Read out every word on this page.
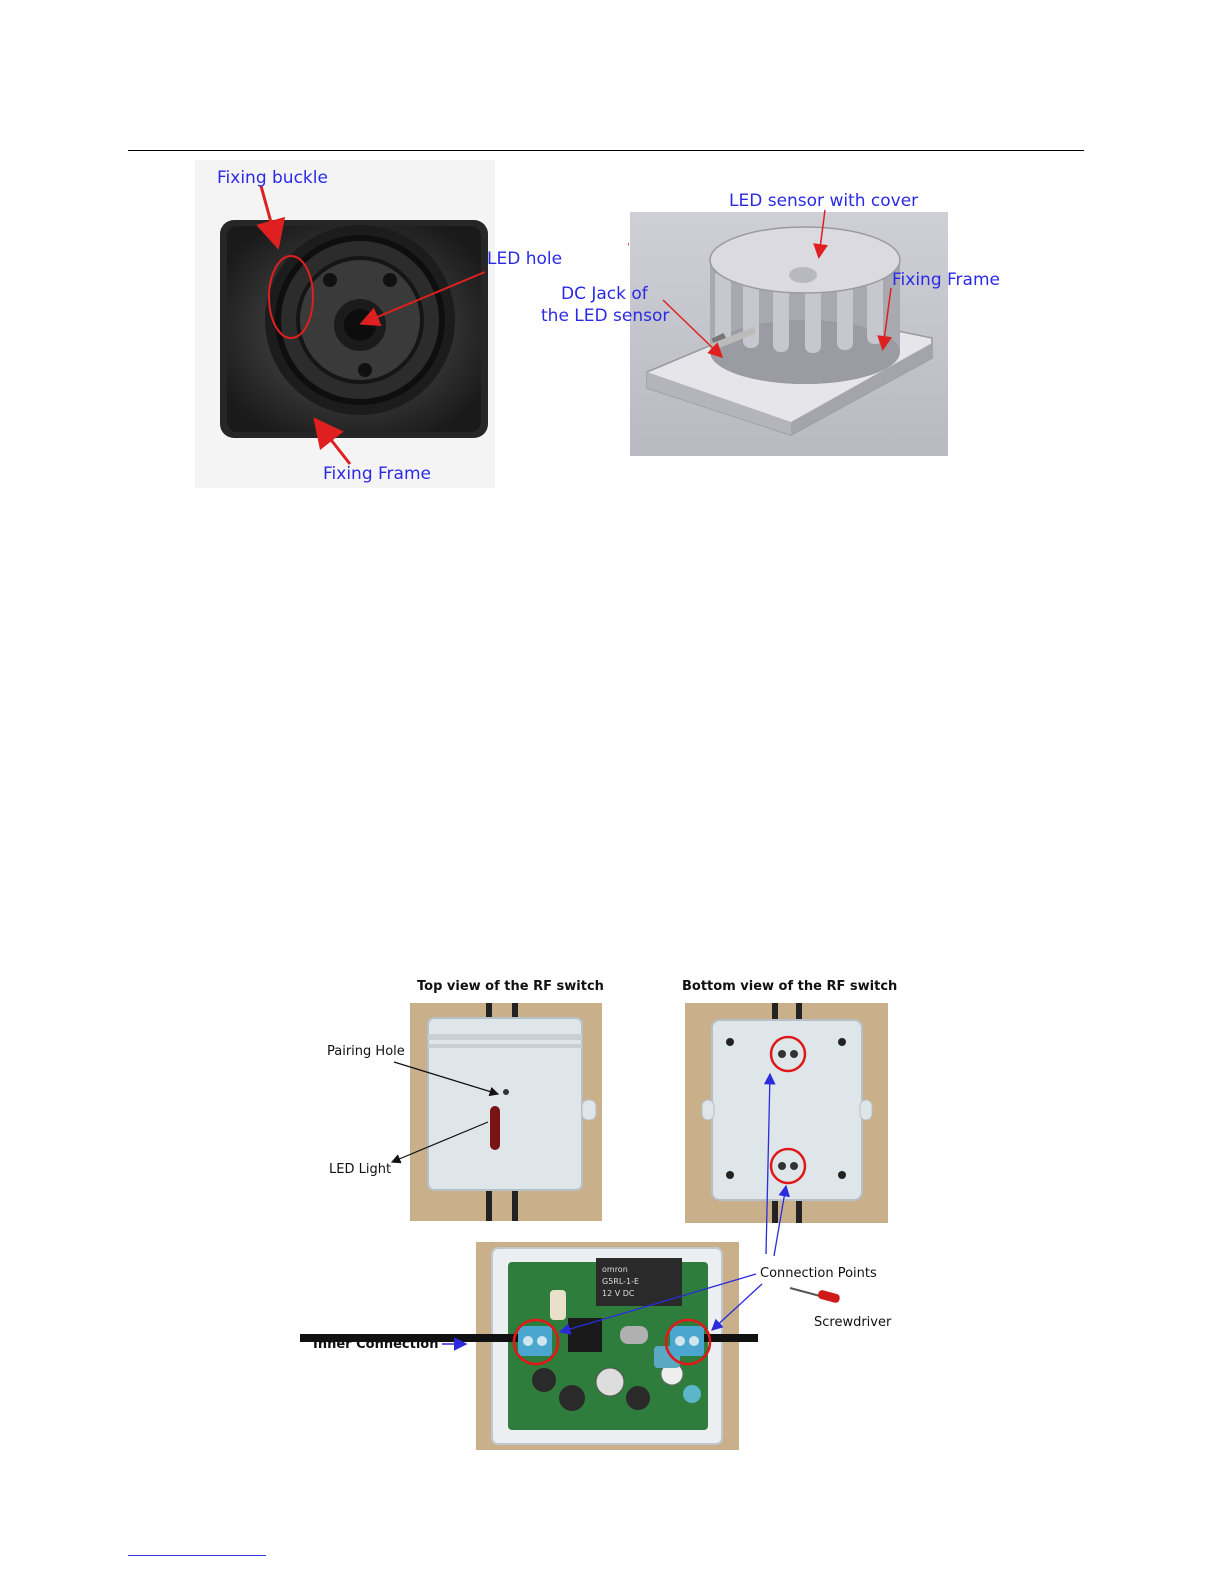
'
Fixing buckle
LED hole
Fixing Frame
LED sensor with cover
DC Jack of
the LED sensor
Fixing Frame
Top view of the RF switch	Bottom view of the RF switch
Pairing Hole
LED Light
omron
G5RL-1-E
12 V DC
Connection Points
Screwdriver
Inner Connection
